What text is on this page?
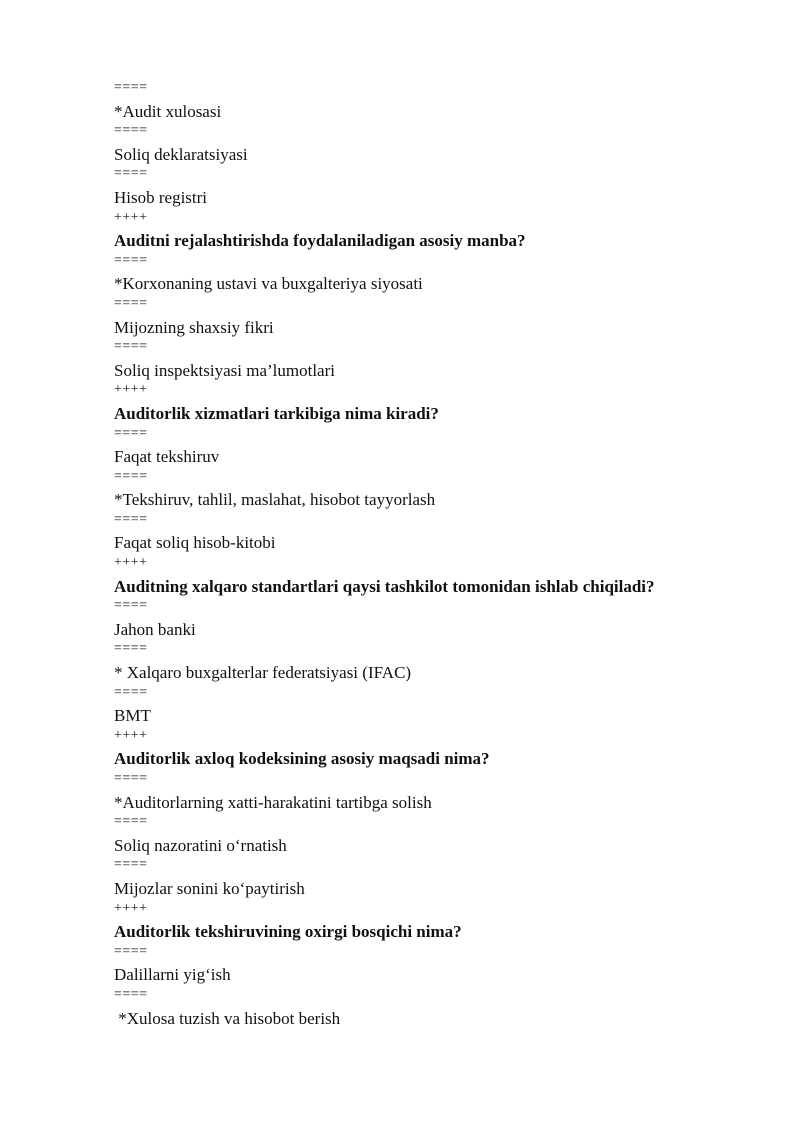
====
*Audit xulosasi
====
Soliq deklaratsiyasi
====
Hisob registri
++++
Auditni rejalashtirishda foydalaniladigan asosiy manba?
====
*Korxonaning ustavi va buxgalteriya siyosati
====
Mijozning shaxsiy fikri
====
Soliq inspektsiyasi ma’lumotlari
++++
Auditorlik xizmatlari tarkibiga nima kiradi?
====
Faqat tekshiruv
====
*Tekshiruv, tahlil, maslahat, hisobot tayyorlash
====
Faqat soliq hisob-kitobi
++++
Auditning xalqaro standartlari qaysi tashkilot tomonidan ishlab chiqiladi?
====
Jahon banki
====
* Xalqaro buxgalterlar federatsiyasi (IFAC)
====
BMT
++++
Auditorlik axloq kodeksining asosiy maqsadi nima?
====
*Auditorlarning xatti-harakatini tartibga solish
====
Soliq nazoratini o‘rnatish
====
Mijozlar sonini ko‘paytirish
++++
Auditorlik tekshiruvining oxirgi bosqichi nima?
====
Dalillarni yig‘ish
====
*Xulosa tuzish va hisobot berish
